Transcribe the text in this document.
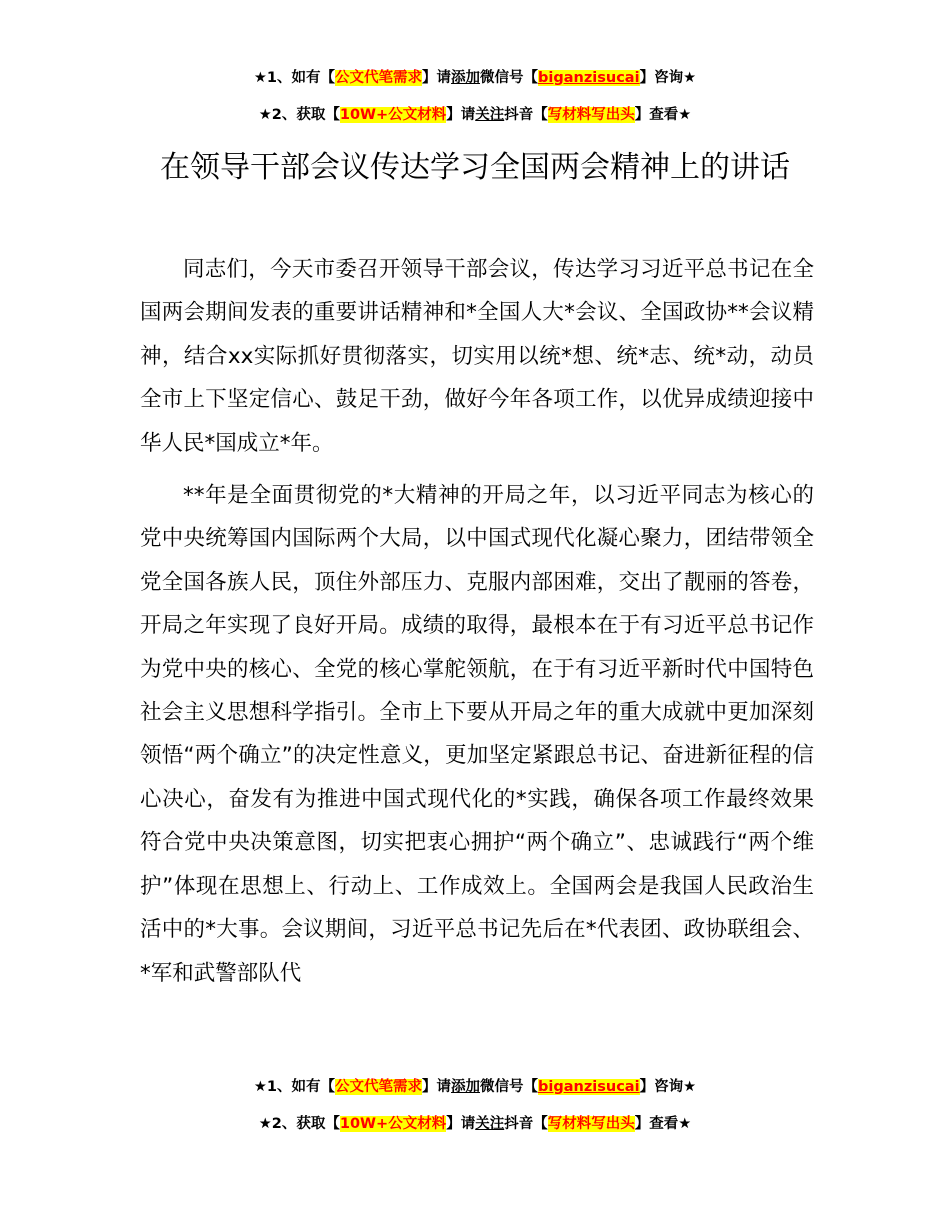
★1、如有【公文代笔需求】请添加微信号【biganzisucai】咨询★
★2、获取【10W+公文材料】请关注抖音【写材料写出头】查看★
在领导干部会议传达学习全国两会精神上的讲话

同志们，今天市委召开领导干部会议，传达学习习近平总书记在全国两会期间发表的重要讲话精神和*全国人大*会议、全国政协**会议精神，结合xx实际抓好贯彻落实，切实用以统*想、统*志、统*动，动员全市上下坚定信心、鼓足干劲，做好今年各项工作，以优异成绩迎接中华人民*国成立*年。

**年是全面贯彻党的*大精神的开局之年，以习近平同志为核心的党中央统筹国内国际两个大局，以中国式现代化凝心聚力，团结带领全党全国各族人民，顶住外部压力、克服内部困难，交出了靓丽的答卷，开局之年实现了良好开局。成绩的取得，最根本在于有习近平总书记作为党中央的核心、全党的核心掌舵领航，在于有习近平新时代中国特色社会主义思想科学指引。全市上下要从开局之年的重大成就中更加深刻领悟“两个确立”的决定性意义，更加坚定紧跟总书记、奋进新征程的信心决心，奋发有为推进中国式现代化的*实践，确保各项工作最终效果符合党中央决策意图，切实把衷心拥护“两个确立”、忠诚践行“两个维护”体现在思想上、行动上、工作成效上。全国两会是我国人民政治生活中的*大事。会议期间，习近平总书记先后在*代表团、政协联组会、*军和武警部队代

★1、如有【公文代笔需求】请添加微信号【biganzisucai】咨询★
★2、获取【10W+公文材料】请关注抖音【写材料写出头】查看★
